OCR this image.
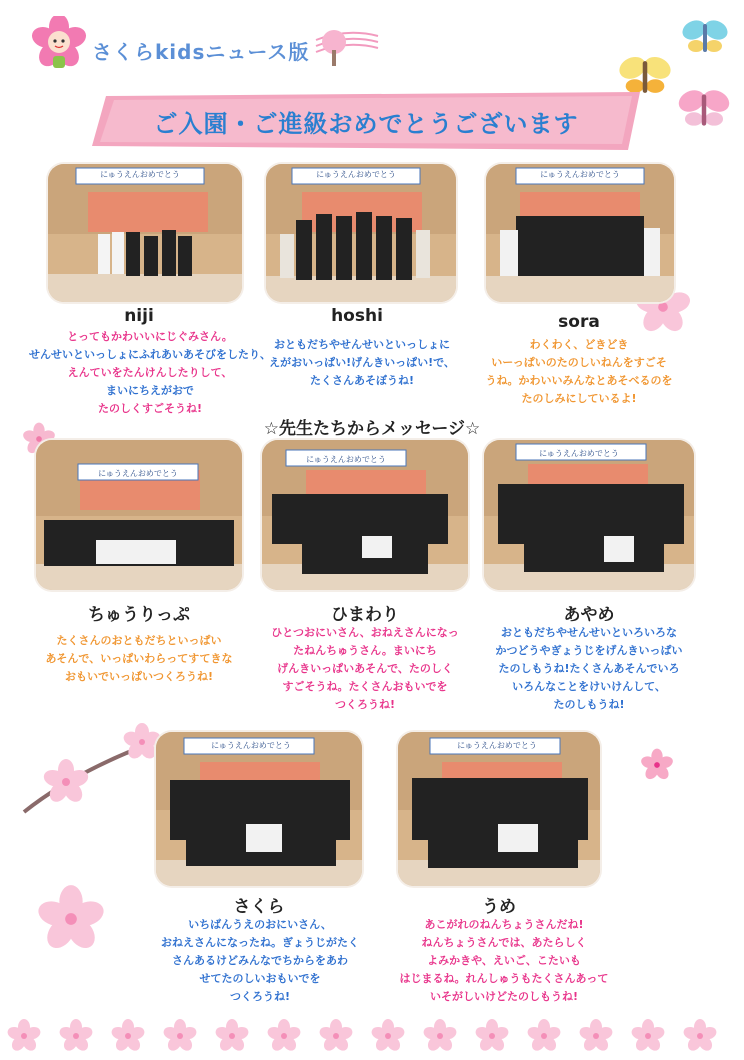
さくらkidsニュース版
ご入園・ご進級おめでとうございます
にゅうえんおめでとう	にゅうえんおめでとう	にゅうえんおめでとう
niji
とってもかわいいにじぐみさん。
せんせいといっしょにふれあいあそびをしたり、
えんていをたんけんしたりして、
まいにちえがおで
たのしくすごそうね!
hoshi
おともだちやせんせいといっしょに
えがおいっぱい!げんきいっぱい!で、
たくさんあそぼうね!
sora
わくわく、どきどき
いーっぱいのたのしいねんをすごそ
うね。かわいいみんなとあそべるのを
たのしみにしているよ!
☆先生たちからメッセージ☆
にゅうえんおめでとう
にゅうえんおめでとう
にゅうえんおめでとう
ちゅうりっぷ
たくさんのおともだちといっぱい
あそんで、いっぱいわらってすてきな
おもいでいっぱいつくろうね!
ひまわり
ひとつおにいさん、おねえさんになっ
たねんちゅうさん。まいにち
げんきいっぱいあそんで、たのしく
すごそうね。たくさんおもいでを
つくろうね!
あやめ
おともだちやせんせいといろいろな
かつどうやぎょうじをげんきいっぱい
たのしもうね!たくさんあそんでいろ
いろんなことをけいけんして、
たのしもうね!
にゅうえんおめでとう	にゅうえんおめでとう
さくら
いちばんうえのおにいさん、
おねえさんになったね。ぎょうじがたく
さんあるけどみんなでちからをあわ
せてたのしいおもいでを
つくろうね!
うめ
あこがれのねんちょうさんだね!
ねんちょうさんでは、あたらしく
よみかきや、えいご、こたいも
はじまるね。れんしゅうもたくさんあって
いそがしいけどたのしもうね!
